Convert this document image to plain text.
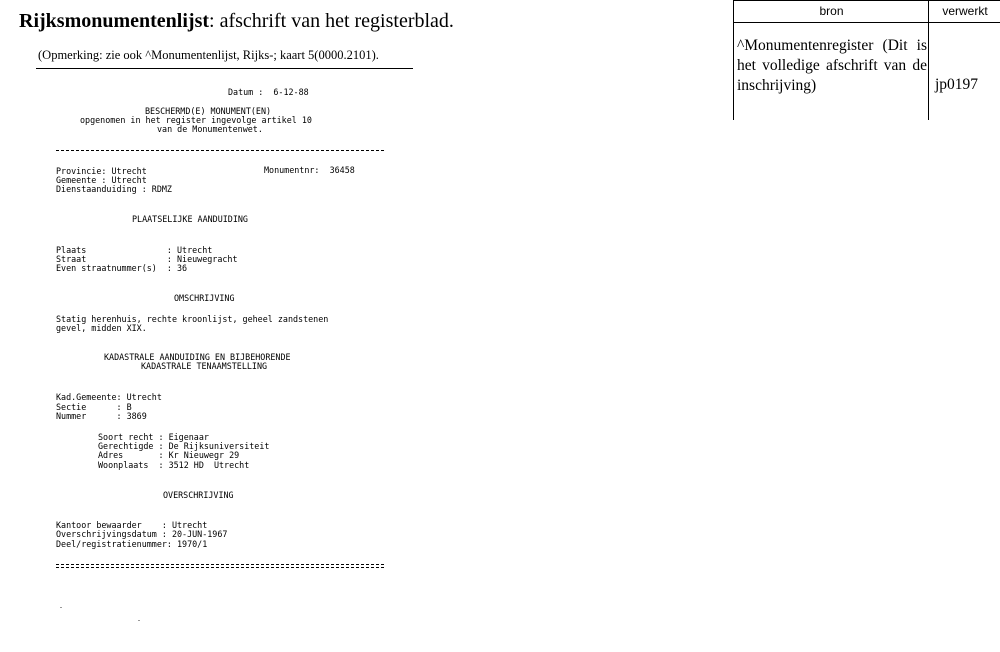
Rijksmonumentenlijst: afschrift van het registerblad.
(Opmerking: zie ook ^Monumentenlijst, Rijks-; kaart 5(0000.2101).
Datum : 6-12-88
BESCHERMD(E) MONUMENT(EN)
opgenomen in het register ingevolge artikel 10
van de Monumentenwet.
Provincie: Utrecht	Monumentnr: 36458
Gemeente : Utrecht
Dienstaanduiding : RDMZ
PLAATSELIJKE AANDUIDING
Plaats                : Utrecht
Straat                : Nieuwegracht
Even straatnummer(s)  : 36
OMSCHRIJVING
Statig herenhuis, rechte kroonlijst, geheel zandstenen
gevel, midden XIX.
KADASTRALE AANDUIDING EN BIJBEHORENDE
KADASTRALE TENAAMSTELLING
Kad.Gemeente: Utrecht
Sectie      : B
Nummer      : 3869
Soort recht : Eigenaar
Gerechtigde : De Rijksuniversiteit
Adres       : Kr Nieuwegr 29
Woonplaats  : 3512 HD  Utrecht
OVERSCHRIJVING
Kantoor bewaarder    : Utrecht
Overschrijvingsdatum : 20-JUN-1967
Deel/registratienummer: 1970/1
bron	verwerkt
^Monumentenregister (Dit is het volledige afschrift van de inschrijving)	jp0197
